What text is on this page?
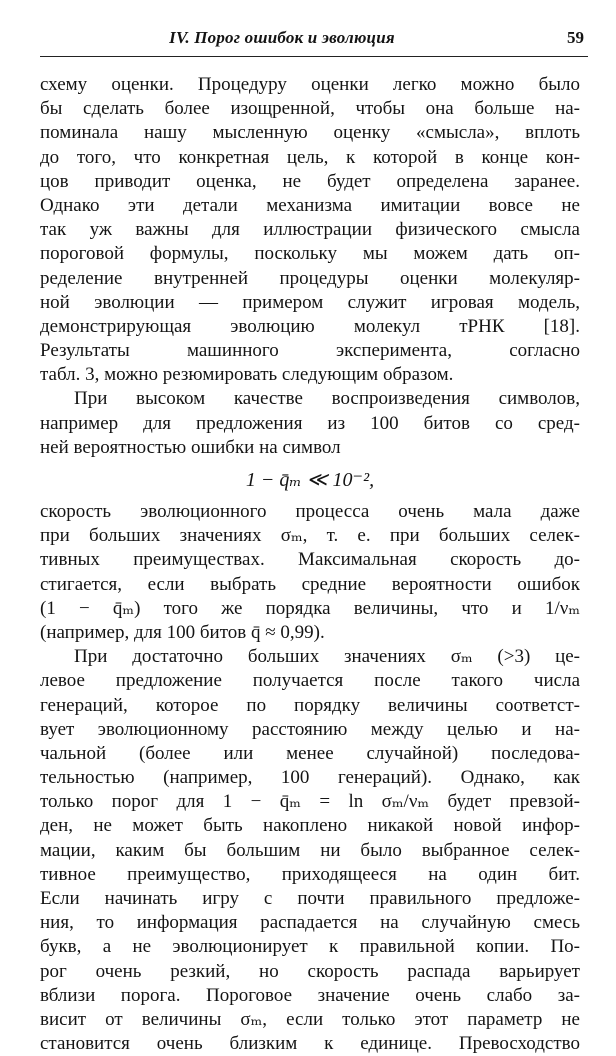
IV. Порог ошибок и эволюция	59
схему оценки. Процедуру оценки легко можно было
бы сделать более изощренной, чтобы она больше на-
поминала нашу мысленную оценку «смысла», вплоть
до того, что конкретная цель, к которой в конце кон-
цов приводит оценка, не будет определена заранее.
Однако эти детали механизма имитации вовсе не
так уж важны для иллюстрации физического смысла
пороговой формулы, поскольку мы можем дать оп-
ределение внутренней процедуры оценки молекуляр-
ной эволюции — примером служит игровая модель,
демонстрирующая эволюцию молекул тРНК [18].
Результаты машинного эксперимента, согласно
табл. 3, можно резюмировать следующим образом.
При высоком качестве воспроизведения символов,
например для предложения из 100 битов со сред-
ней вероятностью ошибки на символ
1 − q̄ₘ ≪ 10⁻²,
скорость эволюционного процесса очень мала даже
при больших значениях σₘ, т. е. при больших селек-
тивных преимуществах. Максимальная скорость до-
стигается, если выбрать средние вероятности ошибок
(1 − q̄ₘ) того же порядка величины, что и 1/νₘ
(например, для 100 битов q̄ ≈ 0,99).
При достаточно больших значениях σₘ (>3) це-
левое предложение получается после такого числа
генераций, которое по порядку величины соответст-
вует эволюционному расстоянию между целью и на-
чальной (более или менее случайной) последова-
тельностью (например, 100 генераций). Однако, как
только порог для 1 − q̄ₘ = ln σₘ/νₘ будет превзой-
ден, не может быть накоплено никакой новой инфор-
мации, каким бы большим ни было выбранное селек-
тивное преимущество, приходящееся на один бит.
Если начинать игру с почти правильного предложе-
ния, то информация распадается на случайную смесь
букв, а не эволюционирует к правильной копии. По-
рог очень резкий, но скорость распада варьирует
вблизи порога. Пороговое значение очень слабо за-
висит от величины σₘ, если только этот параметр не
становится очень близким к единице. Превосходство
